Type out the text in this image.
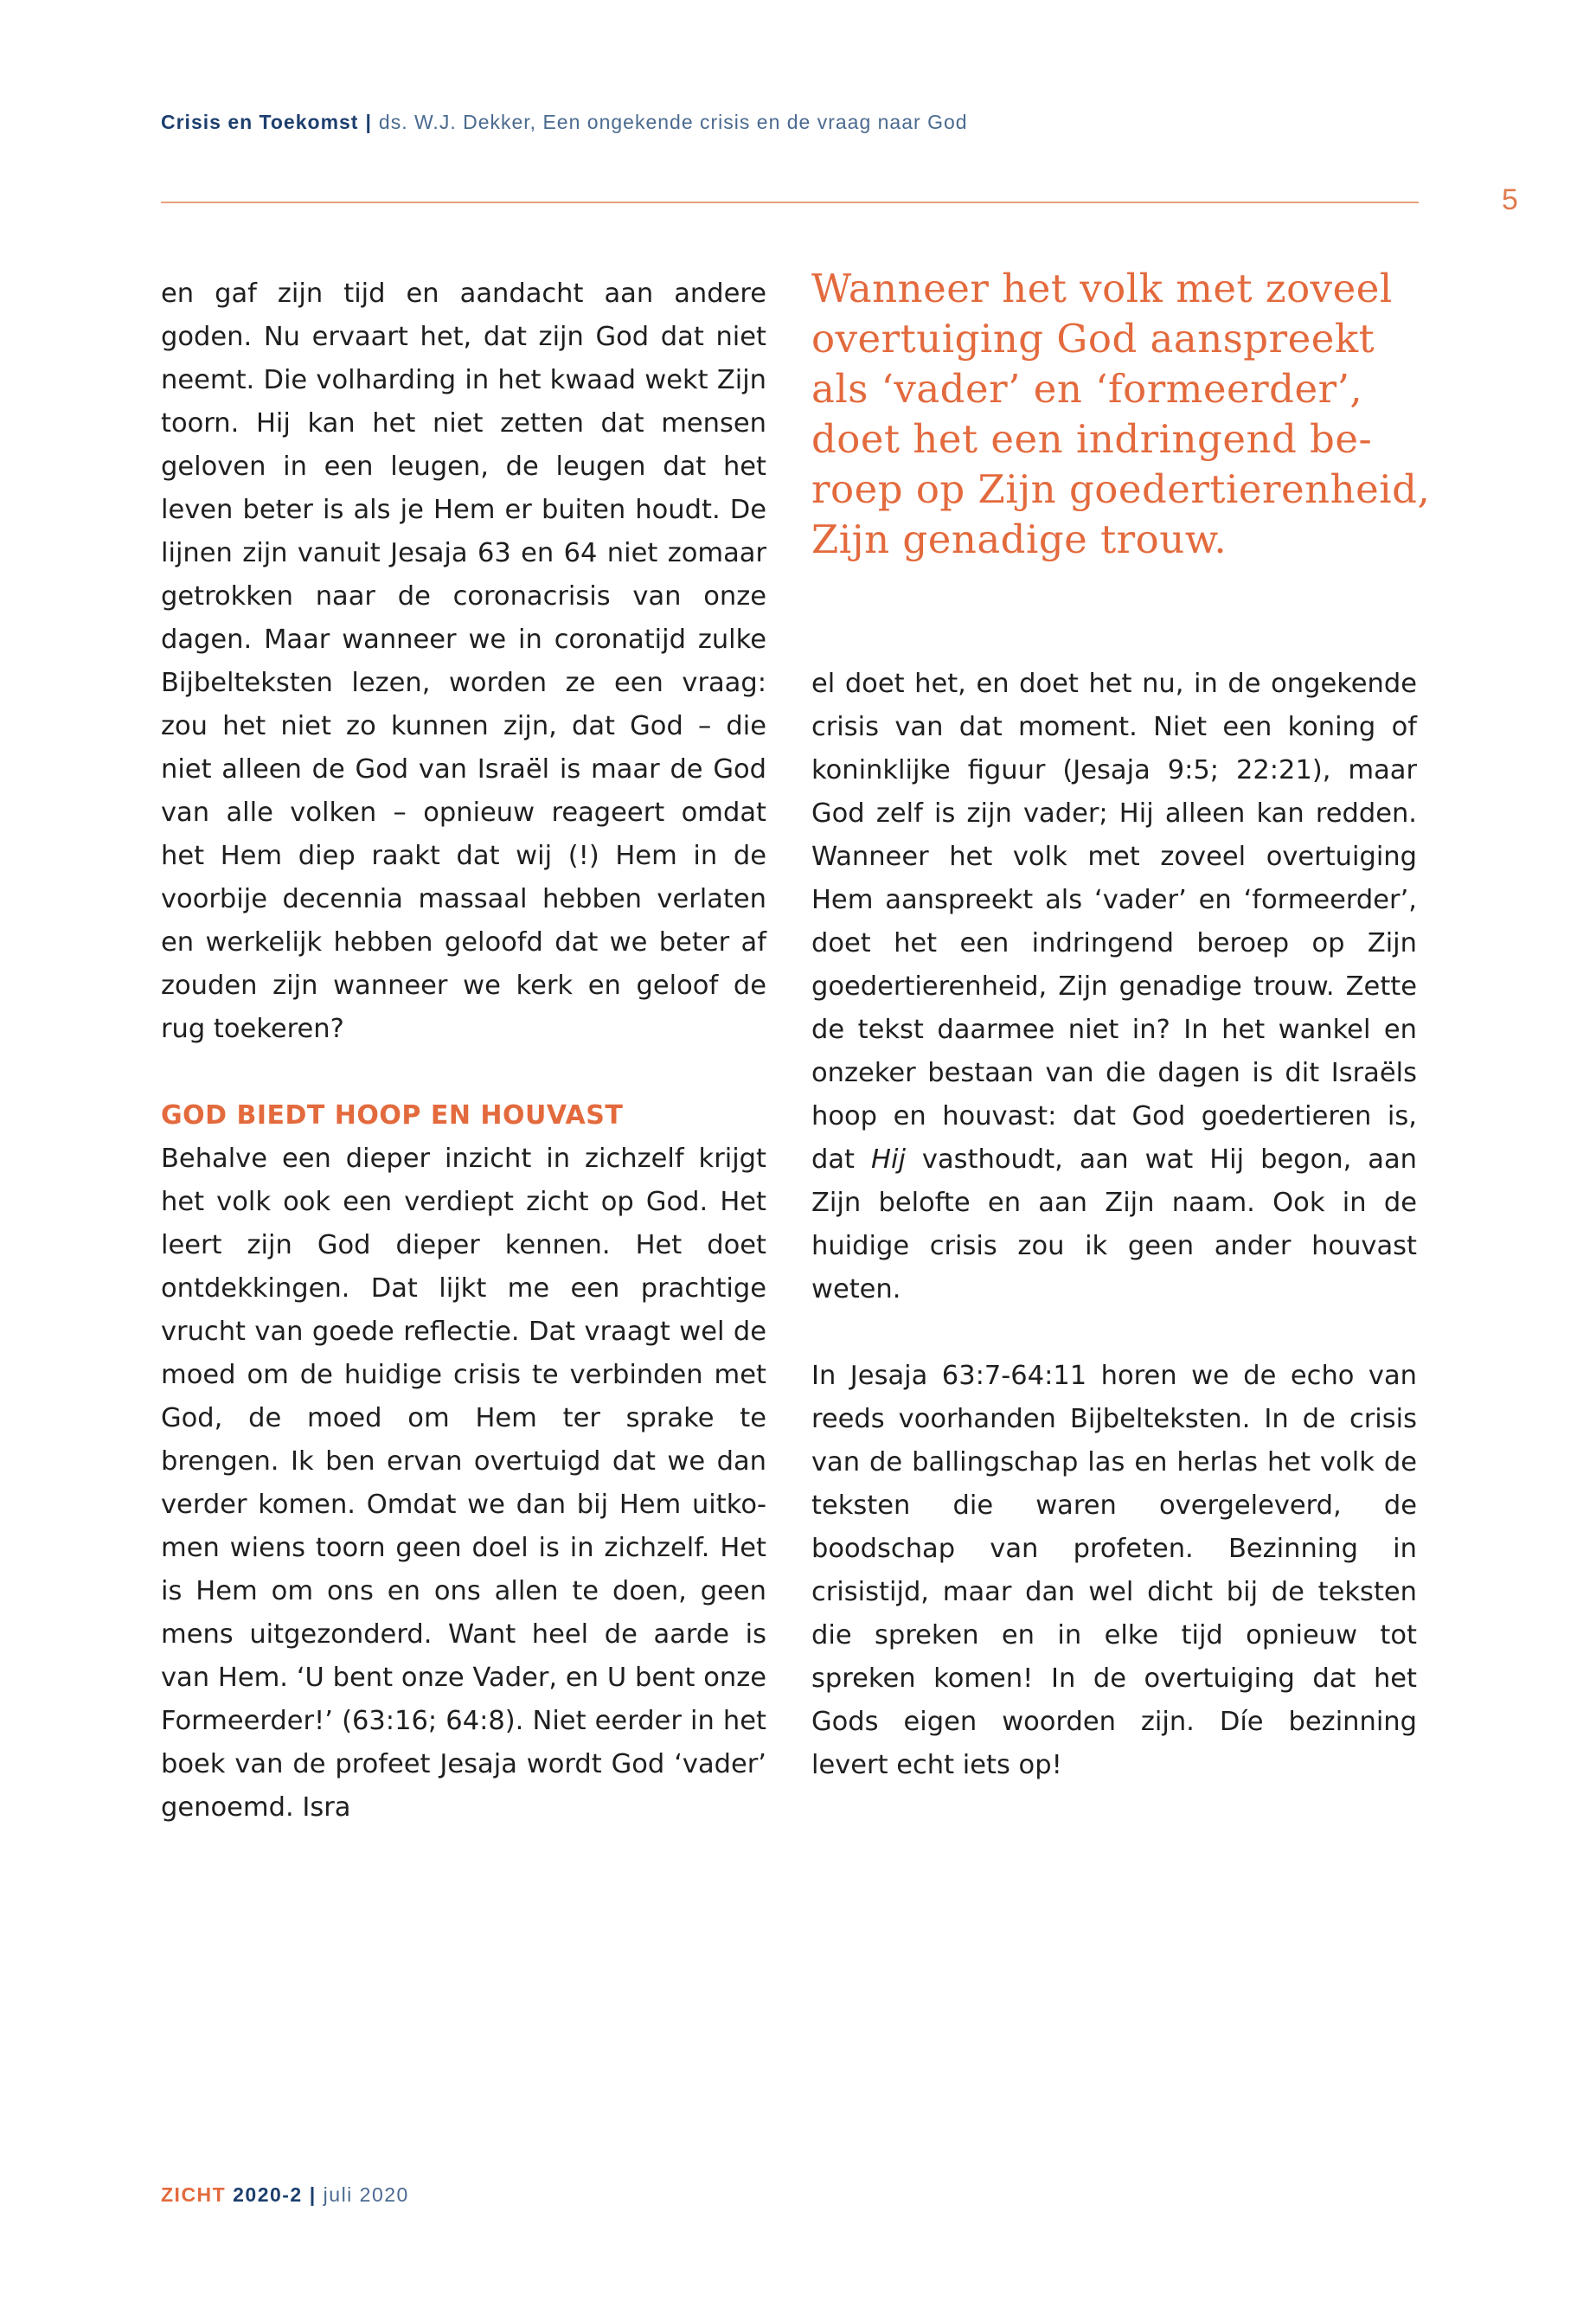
Crisis en Toekomst | ds. W.J. Dekker, Een ongekende crisis en de vraag naar God
5

en gaf zijn tijd en aandacht aan andere goden. Nu ervaart het, dat zijn God dat niet neemt. Die volharding in het kwaad wekt Zijn toorn. Hij kan het niet zetten dat mensen geloven in een leugen, de leugen dat het leven beter is als je Hem er buiten houdt. De lijnen zijn vanuit Jesaja 63 en 64 niet zomaar getrokken naar de coronacrisis van onze dagen. Maar wanneer we in coronatijd zulke Bijbelteksten lezen, worden ze een vraag: zou het niet zo kunnen zijn, dat God – die niet alleen de God van Israël is maar de God van alle volken – opnieuw reageert omdat het Hem diep raakt dat wij (!) Hem in de voorbije decennia massaal hebben verlaten en werkelijk hebben geloofd dat we beter af zouden zijn wanneer we kerk en geloof de rug toekeren?

GOD BIEDT HOOP EN HOUVAST

Behalve een dieper inzicht in zichzelf krijgt het volk ook een verdiept zicht op God. Het leert zijn God dieper kennen. Het doet ontdekkingen. Dat lijkt me een prachtige vrucht van goede reflectie. Dat vraagt wel de moed om de huidige crisis te verbinden met God, de moed om Hem ter sprake te brengen. Ik ben ervan overtuigd dat we dan verder komen. Omdat we dan bij Hem uitkomen wiens toorn geen doel is in zichzelf. Het is Hem om ons en ons allen te doen, geen mens uitgezonderd. Want heel de aarde is van Hem. ‘U bent onze Vader, en U bent onze Formeerder!’ (63:16; 64:8). Niet eerder in het boek van de profeet Jesaja wordt God ‘vader’ genoemd. Isra

Wanneer het volk met zoveel overtuiging God aanspreekt als ‘vader’ en ‘formeerder’, doet het een indringend beroep op Zijn goedertierenheid, Zijn genadige trouw.

el doet het, en doet het nu, in de ongekende crisis van dat moment. Niet een koning of koninklijke figuur (Jesaja 9:5; 22:21), maar God zelf is zijn vader; Hij alleen kan redden. Wanneer het volk met zoveel overtuiging Hem aanspreekt als ‘vader’ en ‘formeerder’, doet het een indringend beroep op Zijn goedertierenheid, Zijn genadige trouw. Zette de tekst daarmee niet in? In het wankel en onzeker bestaan van die dagen is dit Israëls hoop en houvast: dat God goedertieren is, dat Hij vasthoudt, aan wat Hij begon, aan Zijn belofte en aan Zijn naam. Ook in de huidige crisis zou ik geen ander houvast weten.

In Jesaja 63:7-64:11 horen we de echo van reeds voorhanden Bijbelteksten. In de crisis van de ballingschap las en herlas het volk de teksten die waren overgeleverd, de boodschap van profeten. Bezinning in crisistijd, maar dan wel dicht bij de teksten die spreken en in elke tijd opnieuw tot spreken komen! In de overtuiging dat het Gods eigen woorden zijn. Díe bezinning levert echt iets op!

ZICHT 2020-2 | juli 2020
